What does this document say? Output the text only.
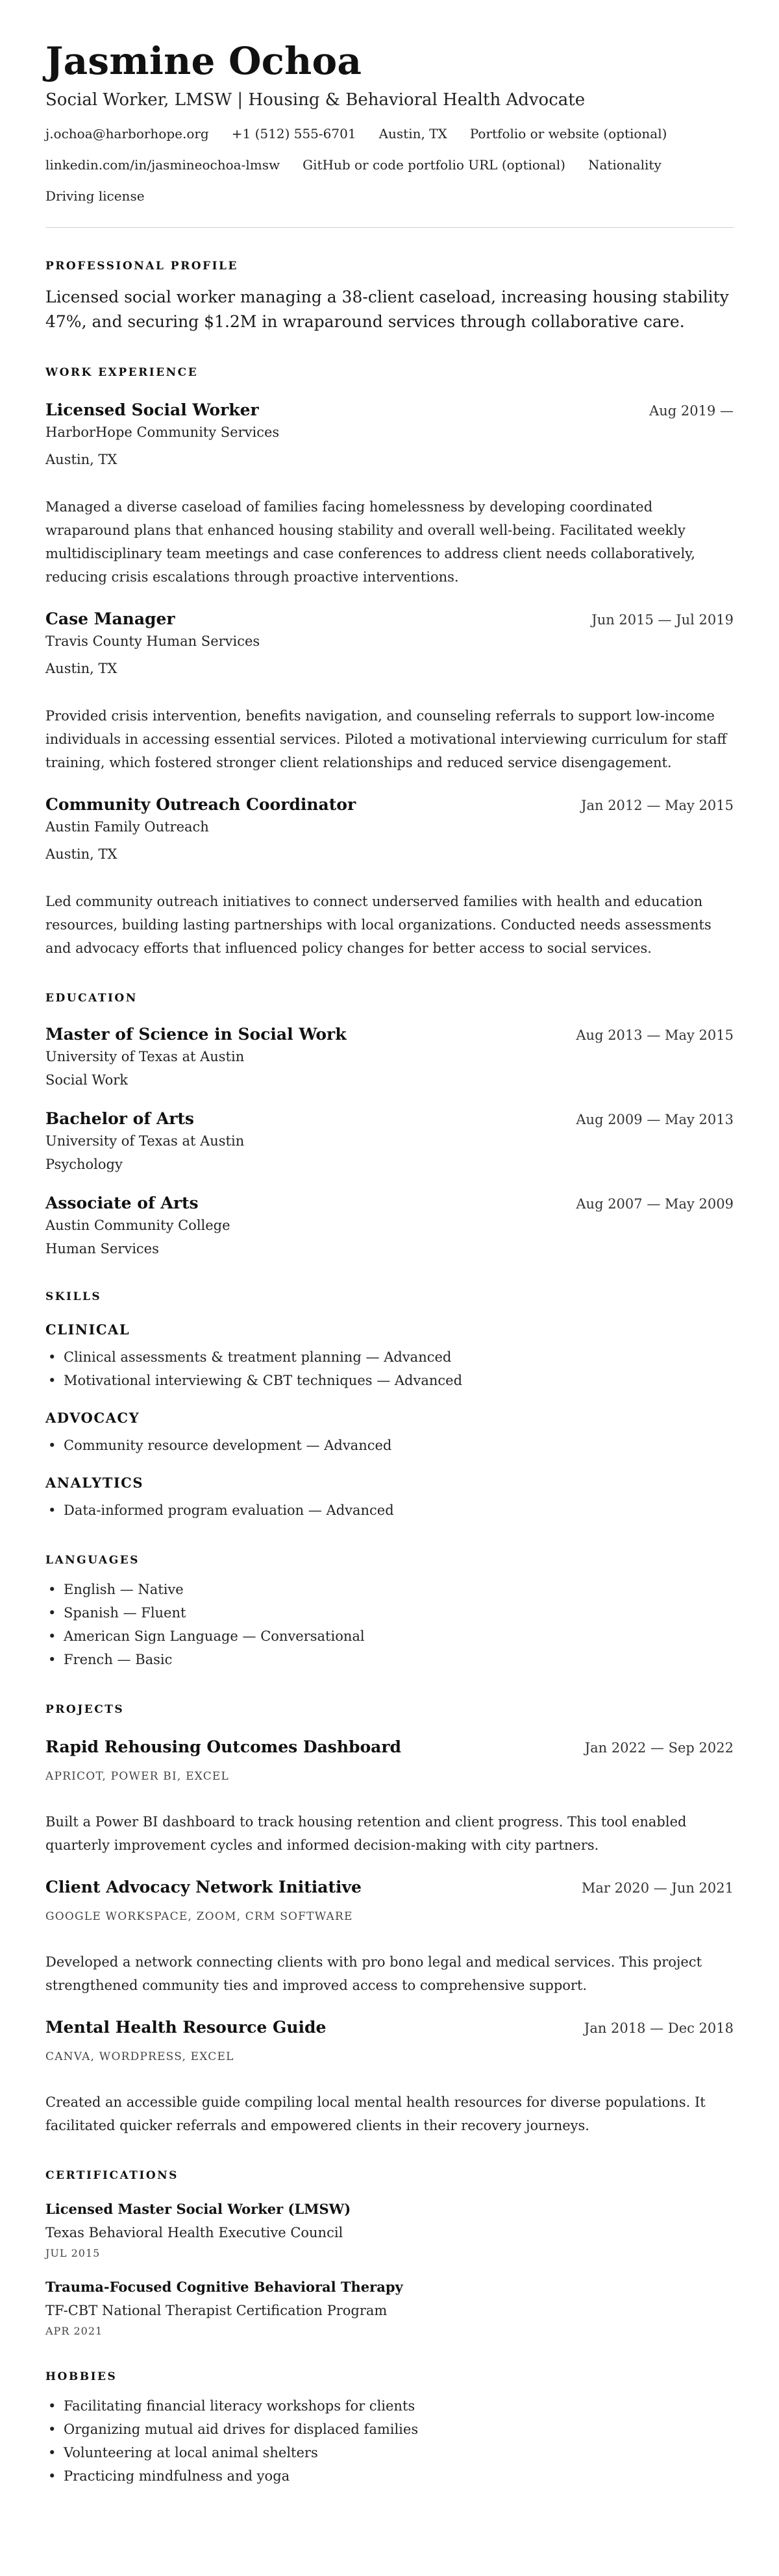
Jasmine Ochoa
Social Worker, LMSW | Housing & Behavioral Health Advocate
j.ochoa@harborhope.org +1 (512) 555-6701 Austin, TX Portfolio or website (optional)
linkedin.com/in/jasmineochoa-lmsw GitHub or code portfolio URL (optional) Nationality
Driving license
PROFESSIONAL PROFILE

Licensed social worker managing a 38-client caseload, increasing housing stability 47%, and securing $1.2M in wraparound services through collaborative care.

WORK EXPERIENCE
Licensed Social Worker	Aug 2019 —
HarborHope Community Services
Austin, TX

Managed a diverse caseload of families facing homelessness by developing coordinated wraparound plans that enhanced housing stability and overall well-being. Facilitated weekly multidisciplinary team meetings and case conferences to address client needs collaboratively, reducing crisis escalations through proactive interventions.

Case Manager	Jun 2015 — Jul 2019
Travis County Human Services
Austin, TX

Provided crisis intervention, benefits navigation, and counseling referrals to support low-income individuals in accessing essential services. Piloted a motivational interviewing curriculum for staff training, which fostered stronger client relationships and reduced service disengagement.

Community Outreach Coordinator	Jan 2012 — May 2015
Austin Family Outreach
Austin, TX

Led community outreach initiatives to connect underserved families with health and education resources, building lasting partnerships with local organizations. Conducted needs assessments and advocacy efforts that influenced policy changes for better access to social services.

EDUCATION
Master of Science in Social Work	Aug 2013 — May 2015
University of Texas at Austin
Social Work
Bachelor of Arts	Aug 2009 — May 2013
University of Texas at Austin
Psychology
Associate of Arts	Aug 2007 — May 2009
Austin Community College
Human Services
SKILLS
CLINICAL
• Clinical assessments & treatment planning — Advanced
• Motivational interviewing & CBT techniques — Advanced
ADVOCACY
• Community resource development — Advanced
ANALYTICS
• Data-informed program evaluation — Advanced
LANGUAGES
• English — Native
• Spanish — Fluent
• American Sign Language — Conversational
• French — Basic
PROJECTS
Rapid Rehousing Outcomes Dashboard	Jan 2022 — Sep 2022
APRICOT, POWER BI, EXCEL

Built a Power BI dashboard to track housing retention and client progress. This tool enabled quarterly improvement cycles and informed decision-making with city partners.

Client Advocacy Network Initiative	Mar 2020 — Jun 2021
GOOGLE WORKSPACE, ZOOM, CRM SOFTWARE

Developed a network connecting clients with pro bono legal and medical services. This project strengthened community ties and improved access to comprehensive support.

Mental Health Resource Guide	Jan 2018 — Dec 2018
CANVA, WORDPRESS, EXCEL

Created an accessible guide compiling local mental health resources for diverse populations. It facilitated quicker referrals and empowered clients in their recovery journeys.

CERTIFICATIONS
Licensed Master Social Worker (LMSW)
Texas Behavioral Health Executive Council
JUL 2015
Trauma-Focused Cognitive Behavioral Therapy
TF-CBT National Therapist Certification Program
APR 2021
HOBBIES
• Facilitating financial literacy workshops for clients
• Organizing mutual aid drives for displaced families
• Volunteering at local animal shelters
• Practicing mindfulness and yoga
